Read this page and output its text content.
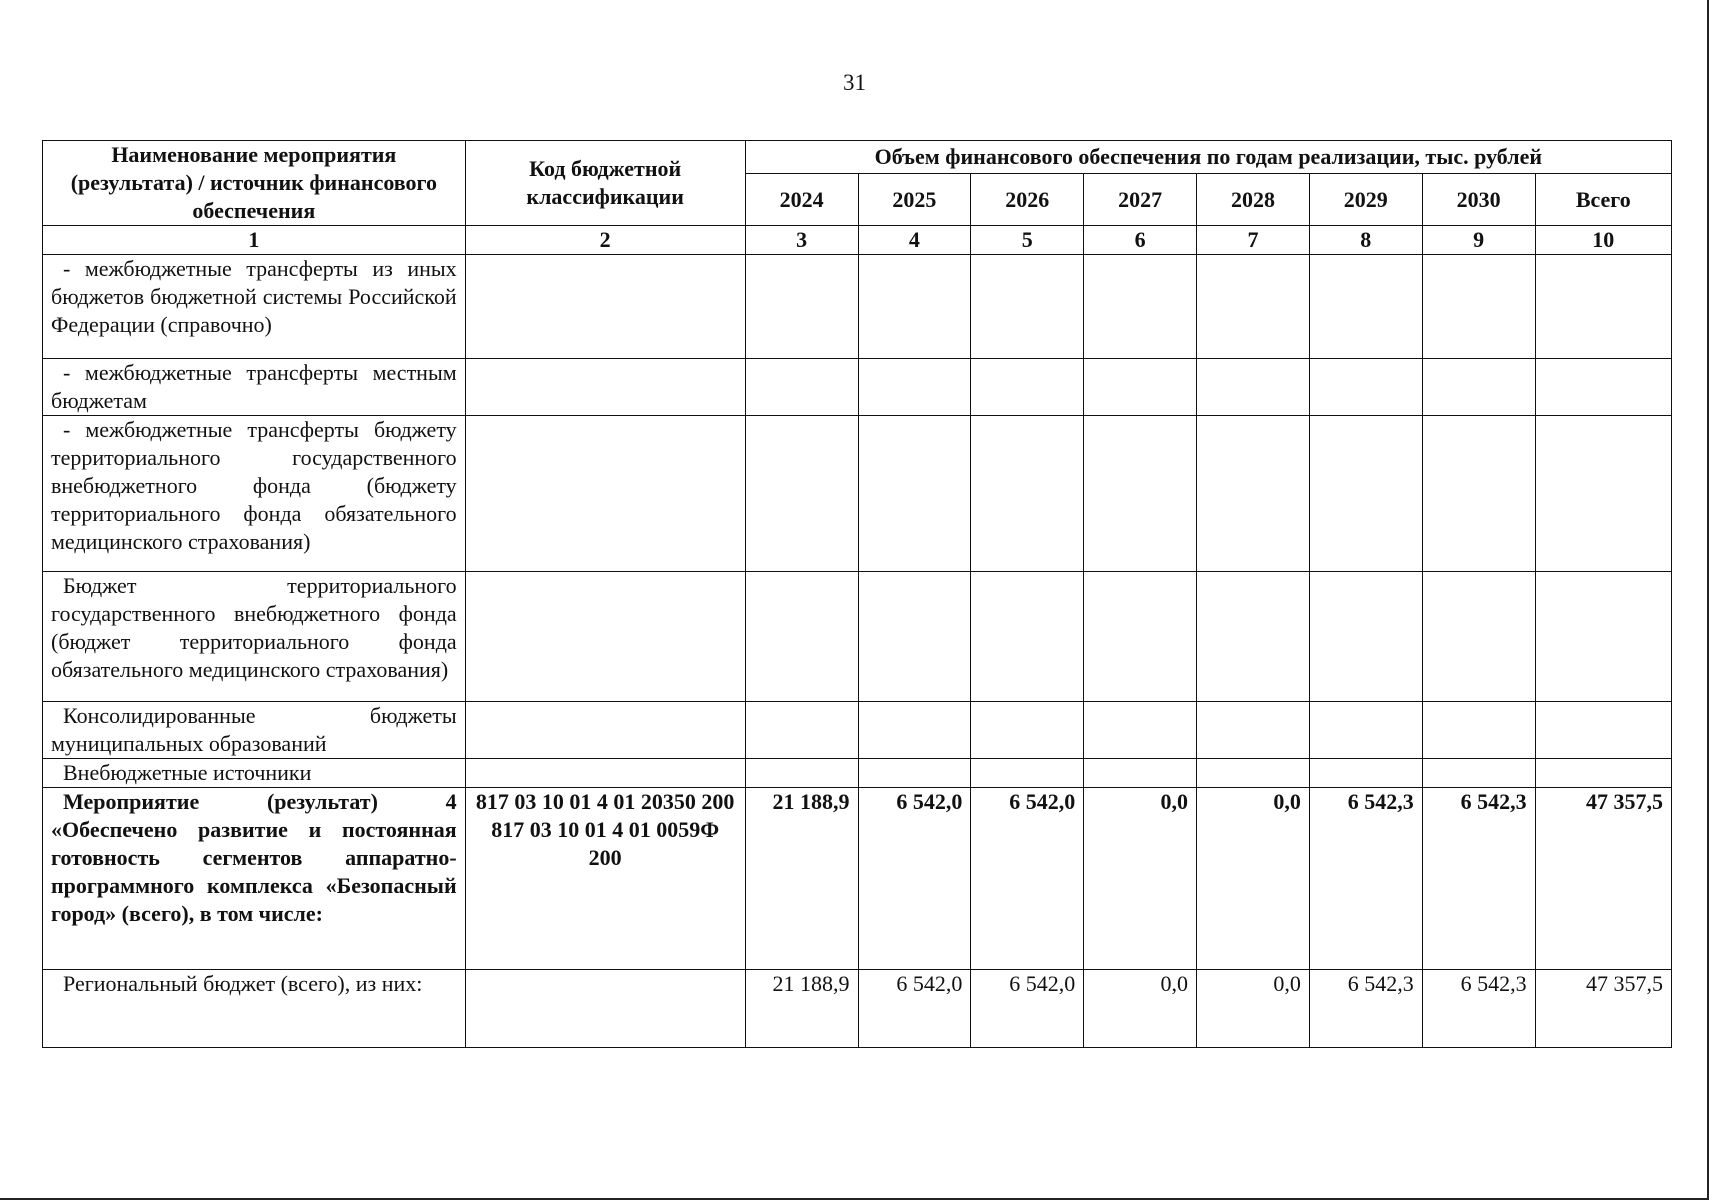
31
Наименование мероприятия (результата) / источник финансового обеспечения	Код бюджетной классификации	Объем финансового обеспечения по годам реализации, тыс. рублей							
		2024	2025	2026	2027	2028	2029	2030	Всего
1	2	3	4	5	6	7	8	9	10
- межбюджетные трансферты из иных бюджетов бюджетной системы Российской Федерации (справочно)									
- межбюджетные трансферты местным бюджетам									
- межбюджетные трансферты бюджету территориального государственного внебюджетного фонда (бюджету территориального фонда обязательного медицинского страхования)									
Бюджет территориального государственного внебюджетного фонда (бюджет территориального фонда обязательного медицинского страхования)									
Консолидированные бюджеты муниципальных образований									
Внебюджетные источники									
Мероприятие (результат) 4 «Обеспечено развитие и постоянная готовность сегментов аппаратно-программного комплекса «Безопасный город» (всего), в том числе:	817 03 10 01 4 01 20350 200 817 03 10 01 4 01 0059Ф 200	21 188,9	6 542,0	6 542,0	0,0	0,0	6 542,3	6 542,3	47 357,5
Региональный бюджет (всего), из них:		21 188,9	6 542,0	6 542,0	0,0	0,0	6 542,3	6 542,3	47 357,5
